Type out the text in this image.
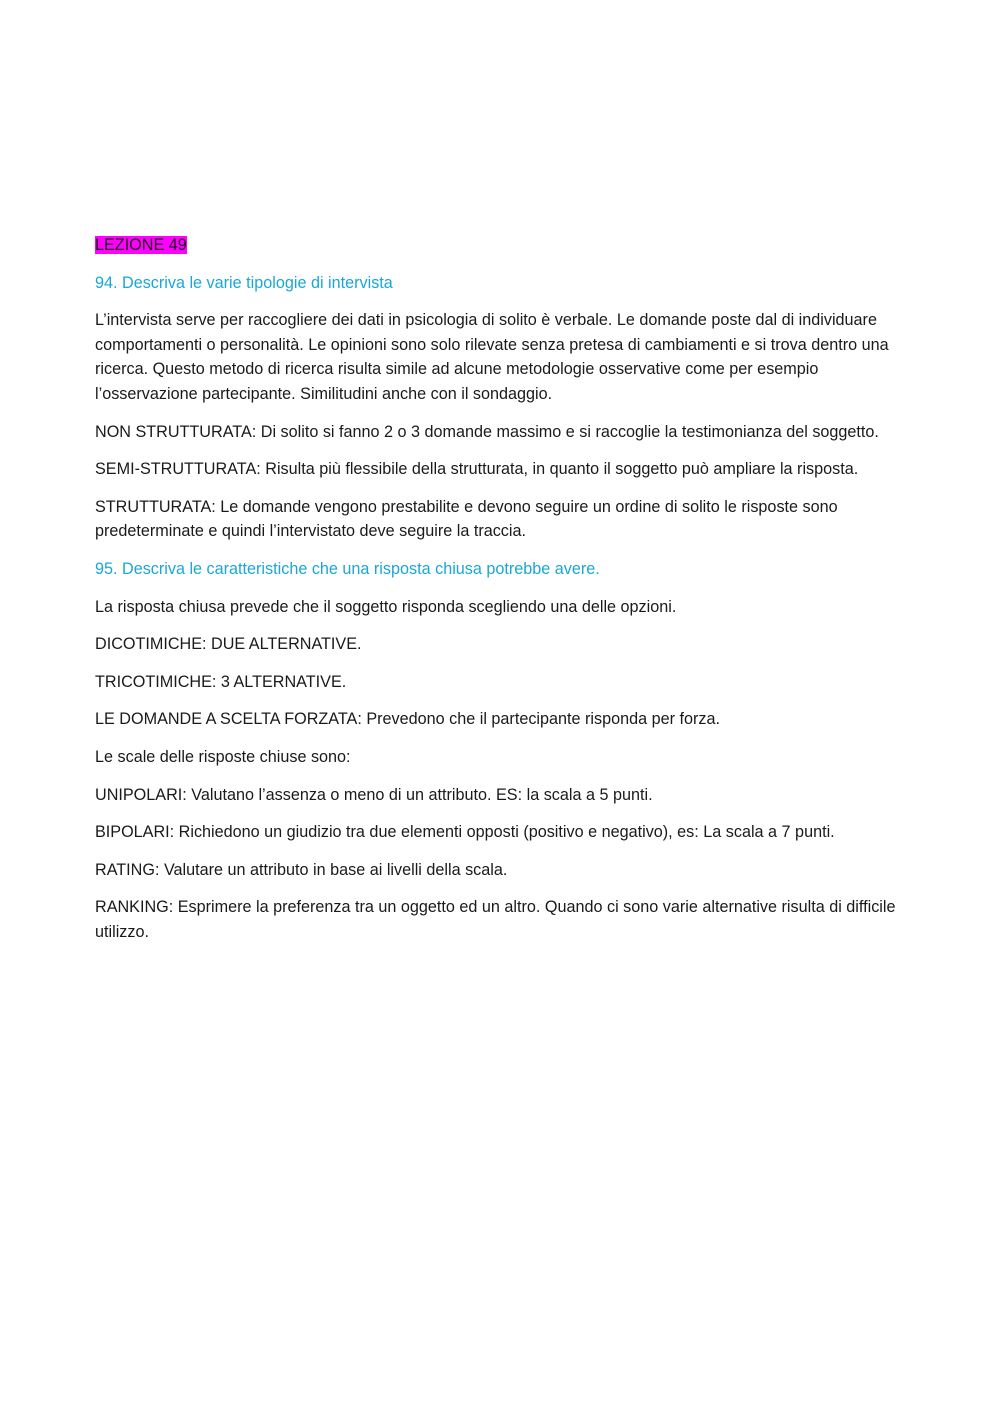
LEZIONE 49

94. Descriva le varie tipologie di intervista

L’intervista serve per raccogliere dei dati in psicologia di solito è verbale. Le domande poste dal di individuare comportamenti o personalità. Le opinioni sono solo rilevate senza pretesa di cambiamenti e si trova dentro una ricerca. Questo metodo di ricerca risulta simile ad alcune metodologie osservative come per esempio l’osservazione partecipante. Similitudini anche con il sondaggio.

NON STRUTTURATA: Di solito si fanno 2 o 3 domande massimo e si raccoglie la testimonianza del soggetto.

SEMI-STRUTTURATA: Risulta più flessibile della strutturata, in quanto il soggetto può ampliare la risposta.

STRUTTURATA: Le domande vengono prestabilite e devono seguire un ordine di solito le risposte sono predeterminate e quindi l’intervistato deve seguire la traccia.

95. Descriva le caratteristiche che una risposta chiusa potrebbe avere.

La risposta chiusa prevede che il soggetto risponda scegliendo una delle opzioni.

DICOTIMICHE: DUE ALTERNATIVE.

TRICOTIMICHE: 3 ALTERNATIVE.

LE DOMANDE A SCELTA FORZATA: Prevedono che il partecipante risponda per forza.

Le scale delle risposte chiuse sono:

UNIPOLARI: Valutano l’assenza o meno di un attributo. ES: la scala a 5 punti.

BIPOLARI: Richiedono un giudizio tra due elementi opposti (positivo e negativo), es: La scala a 7 punti.

RATING: Valutare un attributo in base ai livelli della scala.

RANKING: Esprimere la preferenza tra un oggetto ed un altro. Quando ci sono varie alternative risulta di difficile utilizzo.
